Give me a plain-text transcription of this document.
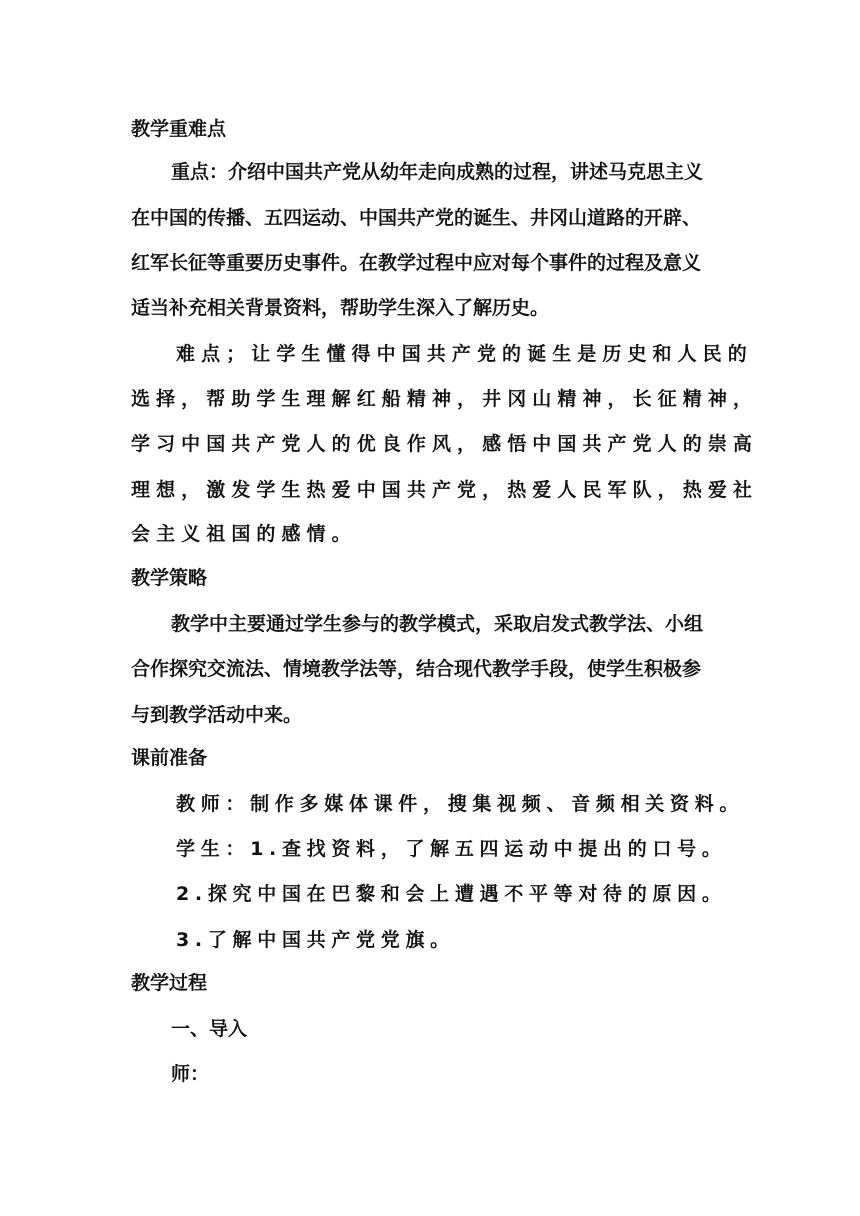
教学重难点
重点：介绍中国共产党从幼年走向成熟的过程，讲述马克思主义
在中国的传播、五四运动、中国共产党的诞生、井冈山道路的开辟、
红军长征等重要历史事件。在教学过程中应对每个事件的过程及意义
适当补充相关背景资料，帮助学生深入了解历史。
难点；让学生懂得中国共产党的诞生是历史和人民的
选择，帮助学生理解红船精神，井冈山精神，长征精神，
学习中国共产党人的优良作风，感悟中国共产党人的崇高
理想，激发学生热爱中国共产党，热爱人民军队，热爱社
会主义祖国的感情。
教学策略
教学中主要通过学生参与的教学模式，采取启发式教学法、小组
合作探究交流法、情境教学法等，结合现代教学手段，使学生积极参
与到教学活动中来。
课前准备
教师：制作多媒体课件，搜集视频、音频相关资料。
学生：1.查找资料，了解五四运动中提出的口号。
2.探究中国在巴黎和会上遭遇不平等对待的原因。
3.了解中国共产党党旗。
教学过程
一、导入
师：
